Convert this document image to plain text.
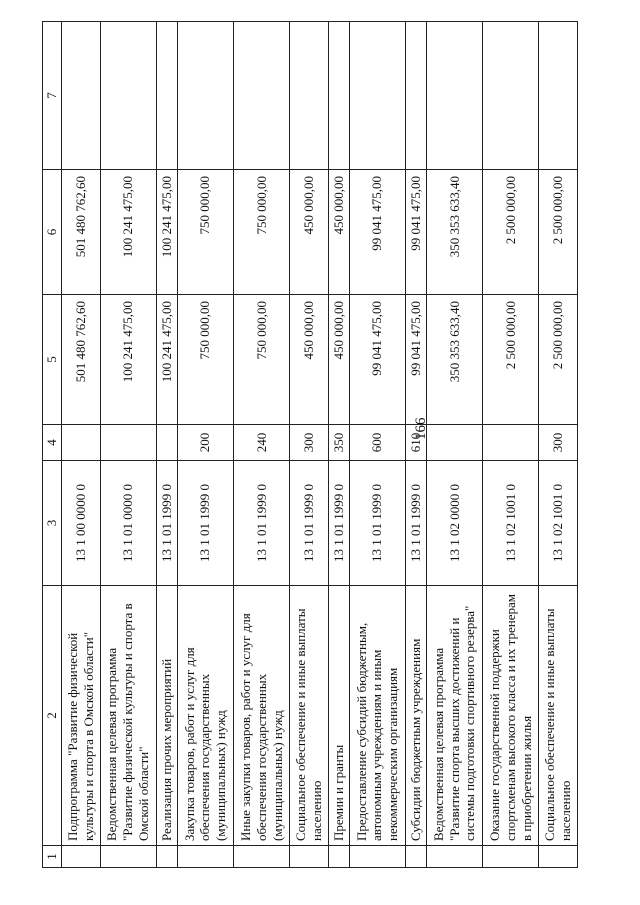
166
1	2	3	4	5	6	7
	Подпрограмма "Развитие физической культуры и спорта в Омской области"	13 1 00 0000 0		501 480 762,60	501 480 762,60	
	Ведомственная целевая программа "Развитие физической культуры и спорта в Омской области"	13 1 01 0000 0		100 241 475,00	100 241 475,00	
	Реализация прочих мероприятий	13 1 01 1999 0		100 241 475,00	100 241 475,00	
	Закупка товаров, работ и услуг для обеспечения государственных (муниципальных) нужд	13 1 01 1999 0	200	750 000,00	750 000,00	
	Иные закупки товаров, работ и услуг для обеспечения государственных (муниципальных) нужд	13 1 01 1999 0	240	750 000,00	750 000,00	
	Социальное обеспечение и иные выплаты населению	13 1 01 1999 0	300	450 000,00	450 000,00	
	Премии и гранты	13 1 01 1999 0	350	450 000,00	450 000,00	
	Предоставление субсидий бюджетным, автономным учреждениям и иным некоммерческим организациям	13 1 01 1999 0	600	99 041 475,00	99 041 475,00	
	Субсидии бюджетным учреждениям	13 1 01 1999 0	610	99 041 475,00	99 041 475,00	
	Ведомственная целевая программа "Развитие спорта высших достижений и системы подготовки спортивного резерва"	13 1 02 0000 0		350 353 633,40	350 353 633,40	
	Оказание государственной поддержки спортсменам высокого класса и их тренерам в приобретении жилья	13 1 02 1001 0		2 500 000,00	2 500 000,00	
	Социальное обеспечение и иные выплаты населению	13 1 02 1001 0	300	2 500 000,00	2 500 000,00	
